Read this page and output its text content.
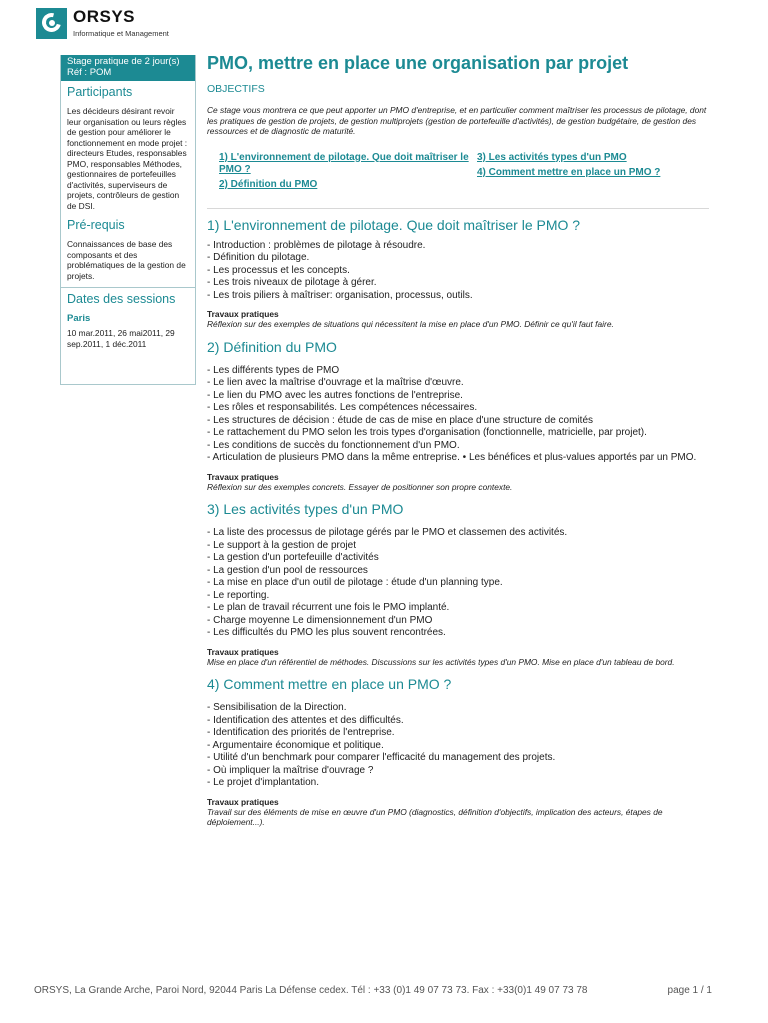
ORSYS
Informatique et Management
Stage pratique de 2 jour(s)
Réf : POM
Participants
Les décideurs désirant revoir leur organisation ou leurs règles de gestion pour améliorer le fonctionnement en mode projet : directeurs Etudes, responsables PMO, responsables Méthodes, gestionnaires de portefeuilles d'activités, superviseurs de projets, contrôleurs de gestion de DSI.
Pré-requis
Connaissances de base des composants et des problématiques de la gestion de projets.
Dates des sessions
Paris
10 mar.2011, 26 mai2011, 29 sep.2011, 1 déc.2011
PMO, mettre en place une organisation par projet
OBJECTIFS
Ce stage vous montrera ce que peut apporter un PMO d'entreprise, et en particulier comment maîtriser les processus de pilotage, dont les pratiques de gestion de projets, de gestion multiprojets (gestion de portefeuille d'activités), de gestion budgétaire, de gestion des ressources et de diagnostic de maturité.
1) L'environnement de pilotage. Que doit maîtriser le PMO ?
2) Définition du PMO
3) Les activités types d'un PMO
4) Comment mettre en place un PMO ?
1) L'environnement de pilotage. Que doit maîtriser le PMO ?
- Introduction : problèmes de pilotage à résoudre.
- Définition du pilotage.
- Les processus et les concepts.
- Les trois niveaux de pilotage à gérer.
- Les trois piliers à maîtriser: organisation, processus, outils.
Travaux pratiques
Réflexion sur des exemples de situations qui nécessitent la mise en place d'un PMO. Définir ce qu'il faut faire.
2) Définition du PMO
- Les différents types de PMO
- Le lien avec la maîtrise d'ouvrage et la maîtrise d'œuvre.
- Le lien du PMO avec les autres fonctions de l'entreprise.
- Les rôles et responsabilités. Les compétences nécessaires.
- Les structures de décision : étude de cas de mise en place d'une structure de comités
- Le rattachement du PMO selon les trois types d'organisation (fonctionnelle, matricielle, par projet).
- Les conditions de succès du fonctionnement d'un PMO.
- Articulation de plusieurs PMO dans la même entreprise. • Les bénéfices et plus-values apportés par un PMO.
Travaux pratiques
Réflexion sur des exemples concrets. Essayer de positionner son propre contexte.
3) Les activités types d'un PMO
- La liste des processus de pilotage gérés par le PMO et classemen des activités.
- Le support à la gestion de projet
- La gestion d'un portefeuille d'activités
- La gestion d'un pool de ressources
- La mise en place d'un outil de pilotage : étude d'un planning type.
- Le reporting.
- Le plan de travail récurrent une fois le PMO implanté.
- Charge moyenne Le dimensionnement d'un PMO
- Les difficultés du PMO les plus souvent rencontrées.
Travaux pratiques
Mise en place d'un référentiel de méthodes. Discussions sur les activités types d'un PMO. Mise en place d'un tableau de bord.
4) Comment mettre en place un PMO ?
- Sensibilisation de la Direction.
- Identification des attentes et des difficultés.
- Identification des priorités de l'entreprise.
- Argumentaire économique et politique.
- Utilité d'un benchmark pour comparer l'efficacité du management des projets.
- Où impliquer la maîtrise d'ouvrage ?
- Le projet d'implantation.
Travaux pratiques
Travail sur des éléments de mise en œuvre d'un PMO (diagnostics, définition d'objectifs, implication des acteurs, étapes de déploiement...).
ORSYS, La Grande Arche, Paroi Nord, 92044 Paris La Défense cedex. Tél : +33 (0)1 49 07 73 73. Fax : +33(0)1 49 07 73 78	page 1 / 1
